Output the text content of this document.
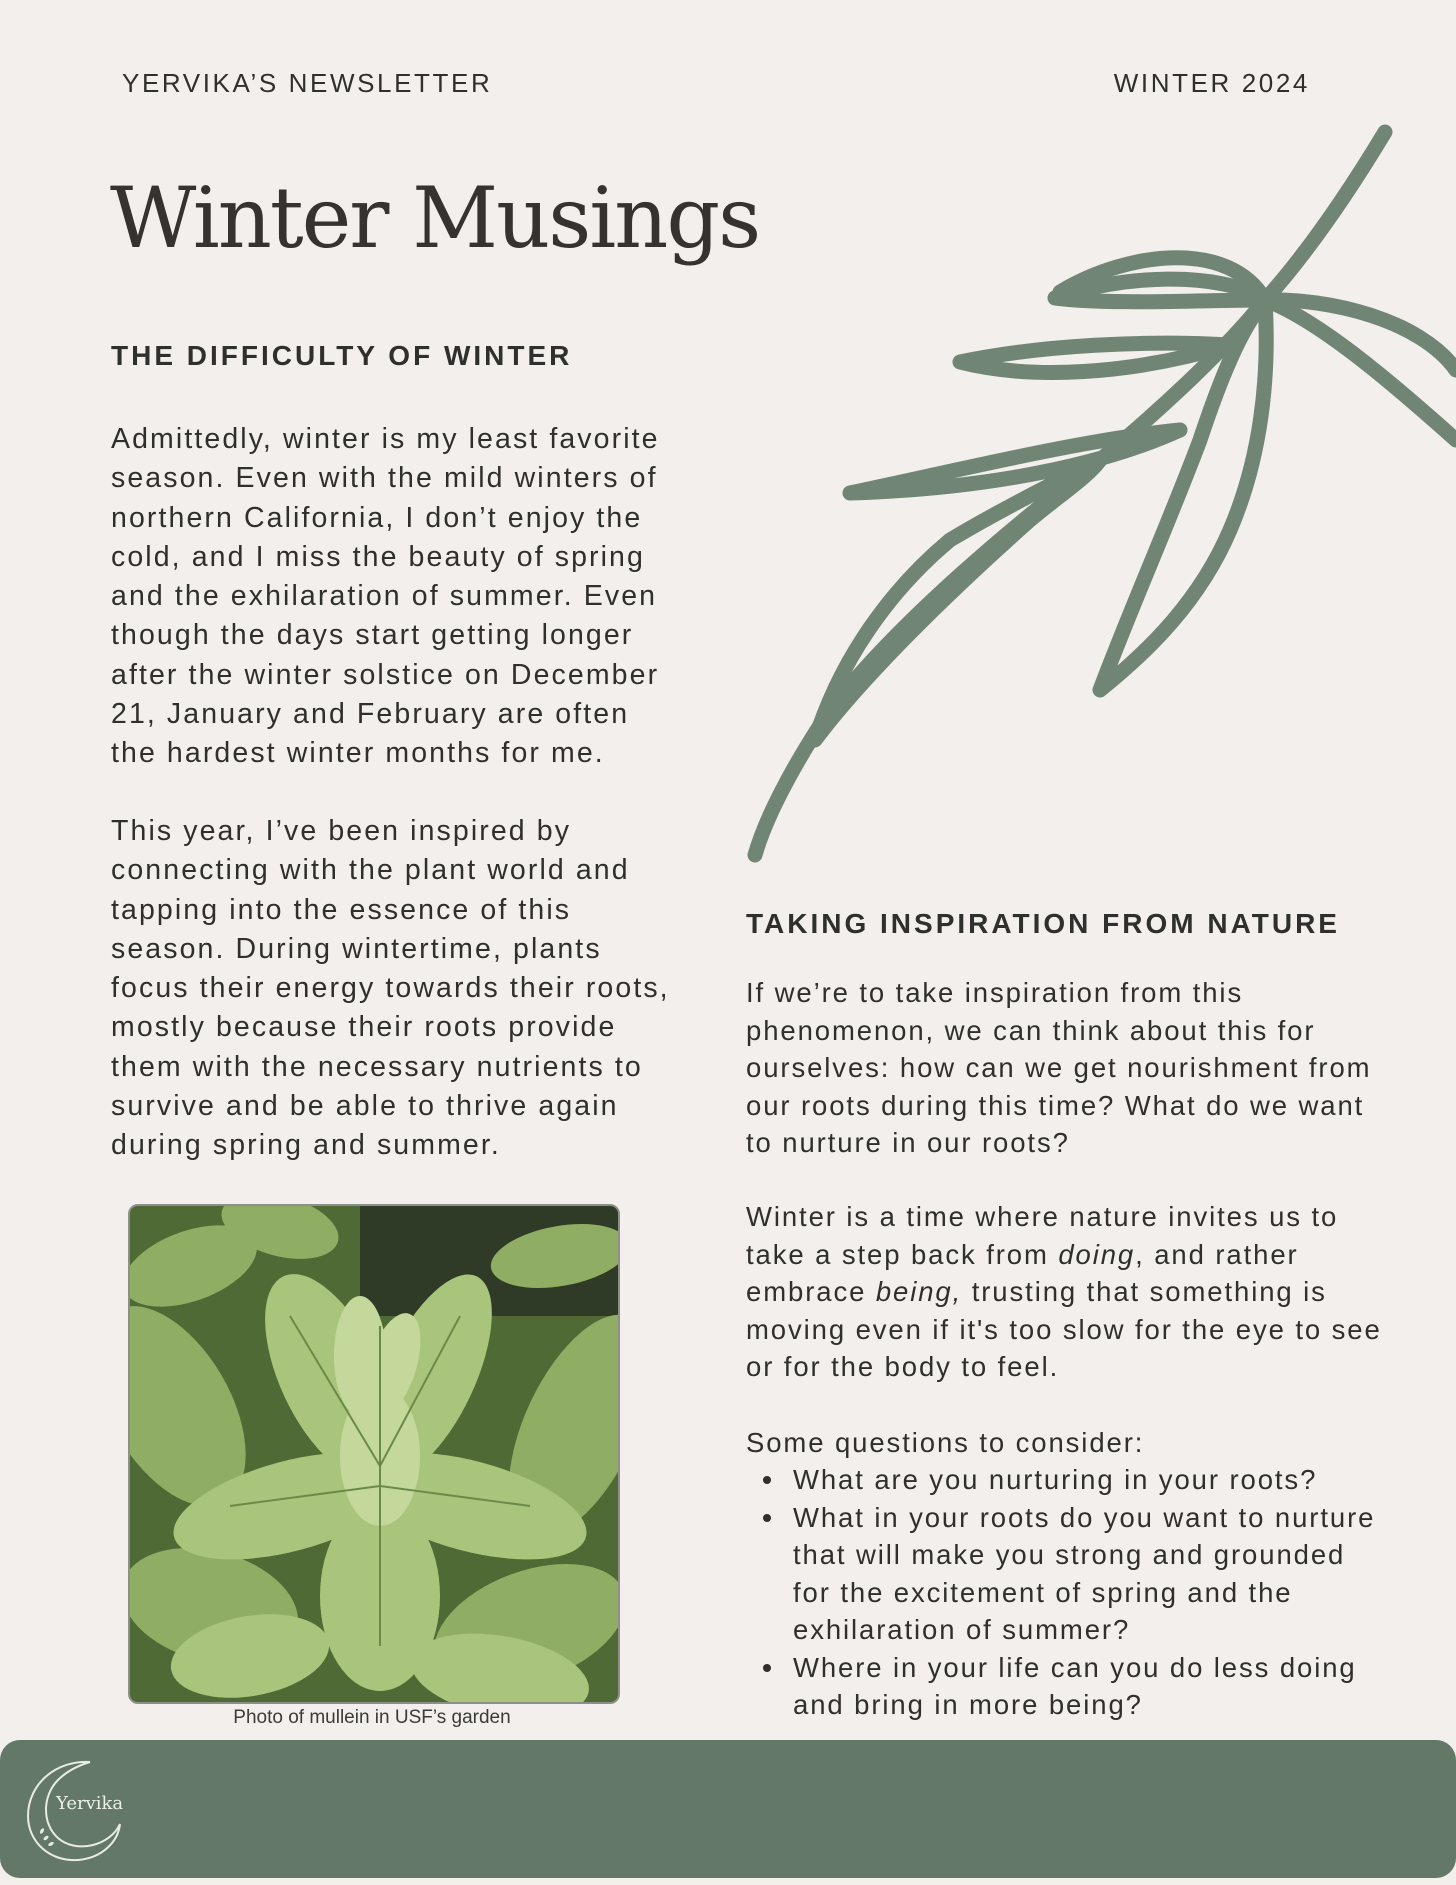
YERVIKA’S NEWSLETTER	WINTER 2024
Winter Musings
THE DIFFICULTY OF WINTER

Admittedly, winter is my least favorite
season. Even with the mild winters of
northern California, I don’t enjoy the
cold, and I miss the beauty of spring
and the exhilaration of summer. Even
though the days start getting longer
after the winter solstice on December
21, January and February are often
the hardest winter months for me.

This year, I’ve been inspired by
connecting with the plant world and
tapping into the essence of this
season. During wintertime, plants
focus their energy towards their roots,
mostly because their roots provide
them with the necessary nutrients to
survive and be able to thrive again
during spring and summer.

Photo of mullein in USF’s garden
TAKING INSPIRATION FROM NATURE

If we’re to take inspiration from this
phenomenon, we can think about this for
ourselves: how can we get nourishment from
our roots during this time? What do we want
to nurture in our roots?

Winter is a time where nature invites us to
take a step back from doing, and rather
embrace being, trusting that something is
moving even if it's too slow for the eye to see
or for the body to feel.

Some questions to consider:

What are you nurturing in your roots?
What in your roots do you want to nurture
that will make you strong and grounded
for the excitement of spring and the
exhilaration of summer?
Where in your life can you do less doing
and bring in more being?
Yervika
